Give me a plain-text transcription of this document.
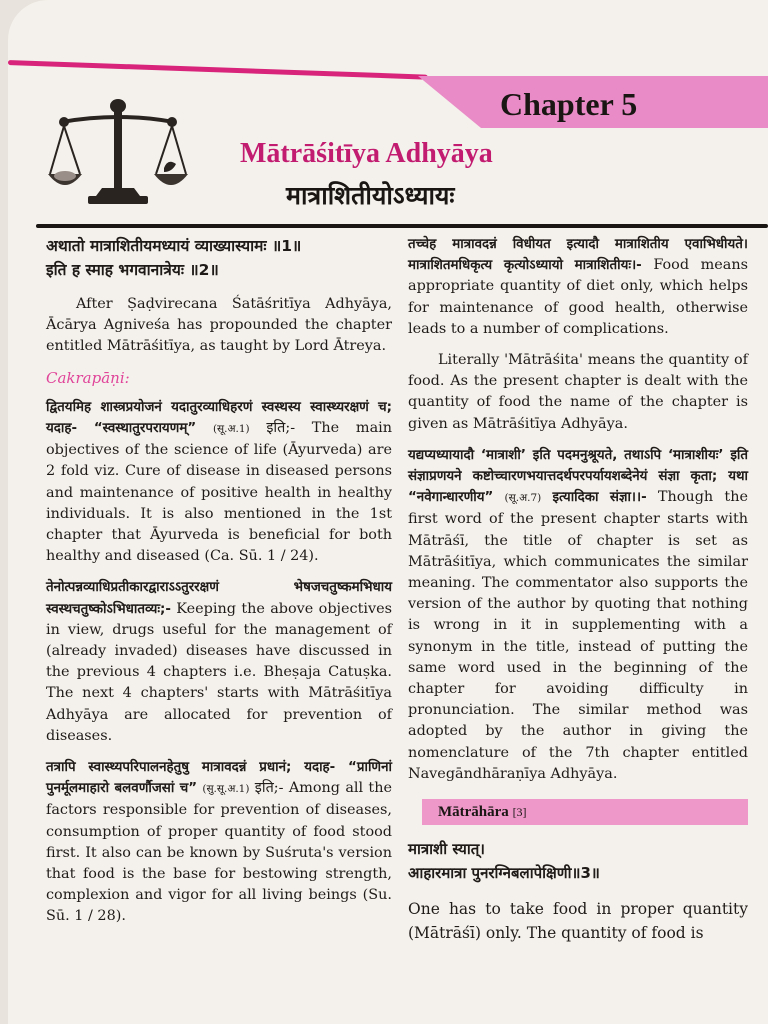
Chapter 5
Mātrāśitīya Adhyāya
मात्राशितीयोऽध्यायः
अथातो मात्राशितीयमध्यायं व्याख्यास्यामः ॥1॥
इति ह स्माह भगवानात्रेयः ॥2॥

After Ṣaḍvirecana Śatāśritīya Adhyāya, Ācārya Agniveśa has propounded the chapter entitled Mātrāśitīya, as taught by Lord Ātreya.

Cakrapāṇi:

द्वितयमिह शास्त्रप्रयोजनं यदातुरव्याधिहरणं स्वस्थस्य स्वास्थ्यरक्षणं च; यदाह- “स्वस्थातुरपरायणम्” (सू.अ.1) इति;- The main objectives of the science of life (Āyurveda) are 2 fold viz. Cure of disease in diseased persons and maintenance of positive health in healthy individuals. It is also mentioned in the 1st chapter that Āyurveda is beneficial for both healthy and diseased (Ca. Sū. 1 / 24).

तेनोत्पन्नव्याधिप्रतीकारद्वाराऽऽतुररक्षणं भेषजचतुष्कमभिधाय स्वस्थचतुष्कोऽभिधातव्यः;- Keeping the above objectives in view, drugs useful for the management of (already invaded) diseases have discussed in the previous 4 chapters i.e. Bheṣaja Catuṣka. The next 4 chapters' starts with Mātrāśitīya Adhyāya are allocated for prevention of diseases.

तत्रापि स्वास्थ्यपरिपालनहेतुषु मात्रावदन्नं प्रधानं; यदाह- “प्राणिनां पुनर्मूलमाहारो बलवर्णौजसां च” (सु.सू.अ.1) इति;- Among all the factors responsible for prevention of diseases, consumption of proper quantity of food stood first. It also can be known by Suśruta's version that food is the base for bestowing strength, complexion and vigor for all living beings (Su. Sū. 1 / 28).

तच्चेह मात्रावदन्नं विधीयत इत्यादौ मात्राशितीय एवाभिधीयते। मात्राशितमधिकृत्य कृत्योऽध्यायो मात्राशितीयः।- Food means appropriate quantity of diet only, which helps for maintenance of good health, otherwise leads to a number of complications.

Literally 'Mātrāśita' means the quantity of food. As the present chapter is dealt with the quantity of food the name of the chapter is given as Mātrāśitīya Adhyāya.

यद्यप्यध्यायादौ ‘मात्राशी’ इति पदमनुश्रूयते, तथाऽपि ‘मात्राशीयः’ इति संज्ञाप्रणयने कष्टोच्चारणभयात्तदर्थपरपर्यायशब्देनेयं संज्ञा कृता; यथा “नवेगान्धारणीय” (सू.अ.7) इत्यादिका संज्ञा।।- Though the first word of the present chapter starts with Mātrāśī, the title of chapter is set as Mātrāśitīya, which communicates the similar meaning. The commentator also supports the version of the author by quoting that nothing is wrong in it in supplementing with a synonym in the title, instead of putting the same word used in the beginning of the chapter for avoiding difficulty in pronunciation. The similar method was adopted by the author in giving the nomenclature of the 7th chapter entitled Navegāndhāraṇīya Adhyāya.

Mātrāhāra [3]
मात्राशी स्यात्।
आहारमात्रा पुनरग्निबलापेक्षिणी॥3॥

One has to take food in proper quantity (Mātrāśī) only. The quantity of food is
